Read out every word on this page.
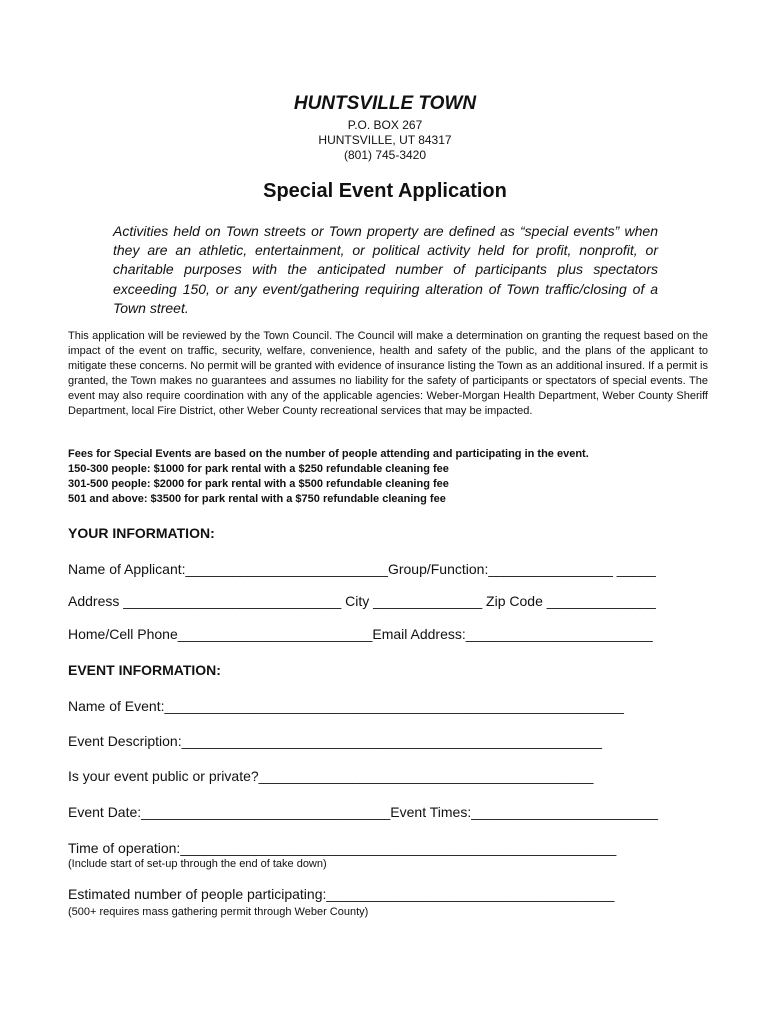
HUNTSVILLE TOWN
P.O. BOX 267
HUNTSVILLE, UT 84317
(801) 745-3420
Special Event Application

Activities held on Town streets or Town property are defined as “special events” when they are an athletic, entertainment, or political activity held for profit, nonprofit, or charitable purposes with the anticipated number of participants plus spectators exceeding 150, or any event/gathering requiring alteration of Town traffic/closing of a Town street.

This application will be reviewed by the Town Council. The Council will make a determination on granting the request based on the impact of the event on traffic, security, welfare, convenience, health and safety of the public, and the plans of the applicant to mitigate these concerns. No permit will be granted with evidence of insurance listing the Town as an additional insured. If a permit is granted, the Town makes no guarantees and assumes no liability for the safety of participants or spectators of special events. The event may also require coordination with any of the applicable agencies: Weber-Morgan Health Department, Weber County Sheriff Department, local Fire District, other Weber County recreational services that may be impacted.

Fees for Special Events are based on the number of people attending and participating in the event.
150-300 people: $1000 for park rental with a $250 refundable cleaning fee
301-500 people: $2000 for park rental with a $500 refundable cleaning fee
501 and above: $3500 for park rental with a $750 refundable cleaning fee
YOUR INFORMATION:
Name of Applicant:__________________________Group/Function:________________ _____
Address ____________________________ City ______________ Zip Code ______________
Home/Cell Phone_________________________Email Address:________________________
EVENT INFORMATION:
Name of Event:___________________________________________________________
Event Description:______________________________________________________
Is your event public or private?___________________________________________
Event Date:________________________________Event Times:________________________
Time of operation:________________________________________________________
(Include start of set-up through the end of take down)
Estimated number of people participating:_____________________________________
(500+ requires mass gathering permit through Weber County)
